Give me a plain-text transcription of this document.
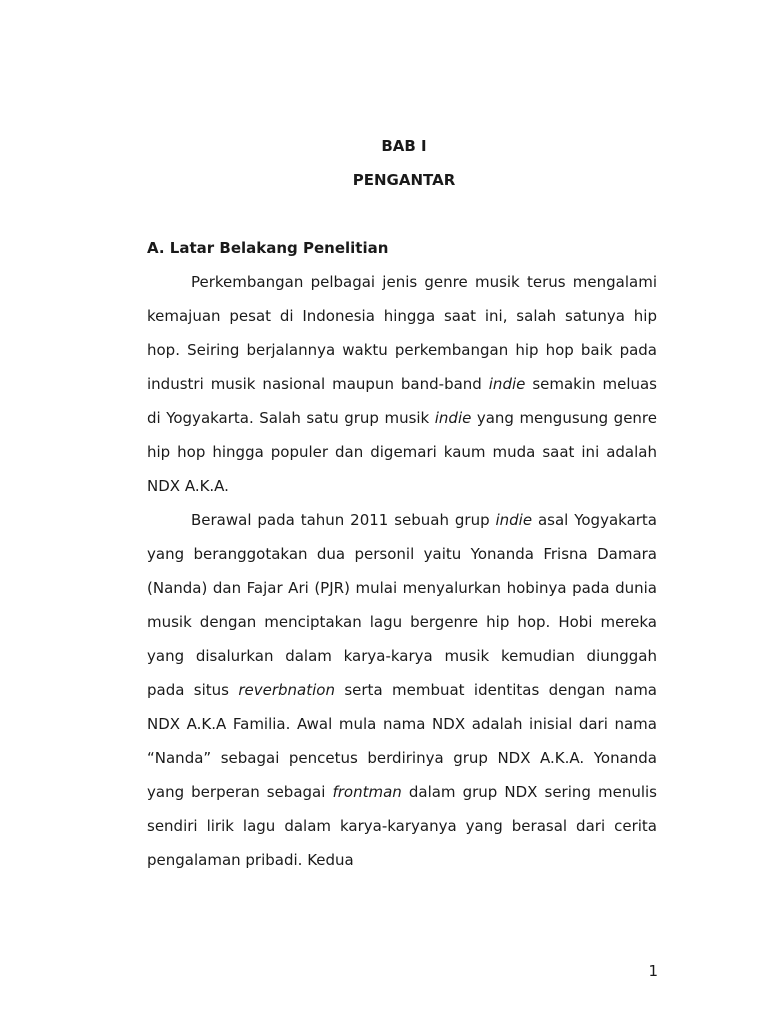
BAB I
PENGANTAR
A. Latar Belakang Penelitian

Perkembangan pelbagai jenis genre musik terus mengalami kemajuan pesat di Indonesia hingga saat ini, salah satunya hip hop. Seiring berjalannya waktu perkembangan hip hop baik pada industri musik nasional maupun band-band indie semakin meluas di Yogyakarta. Salah satu grup musik indie yang mengusung genre hip hop hingga populer dan digemari kaum muda saat ini adalah NDX A.K.A.

Berawal pada tahun 2011 sebuah grup indie asal Yogyakarta yang beranggotakan dua personil yaitu Yonanda Frisna Damara (Nanda) dan Fajar Ari (PJR) mulai menyalurkan hobinya pada dunia musik dengan menciptakan lagu bergenre hip hop. Hobi mereka yang disalurkan dalam karya-karya musik kemudian diunggah pada situs reverbnation serta membuat identitas dengan nama NDX A.K.A Familia. Awal mula nama NDX adalah inisial dari nama “Nanda” sebagai pencetus berdirinya grup NDX A.K.A. Yonanda yang berperan sebagai frontman dalam grup NDX sering menulis sendiri lirik lagu dalam karya-karyanya yang berasal dari cerita pengalaman pribadi. Kedua

1
